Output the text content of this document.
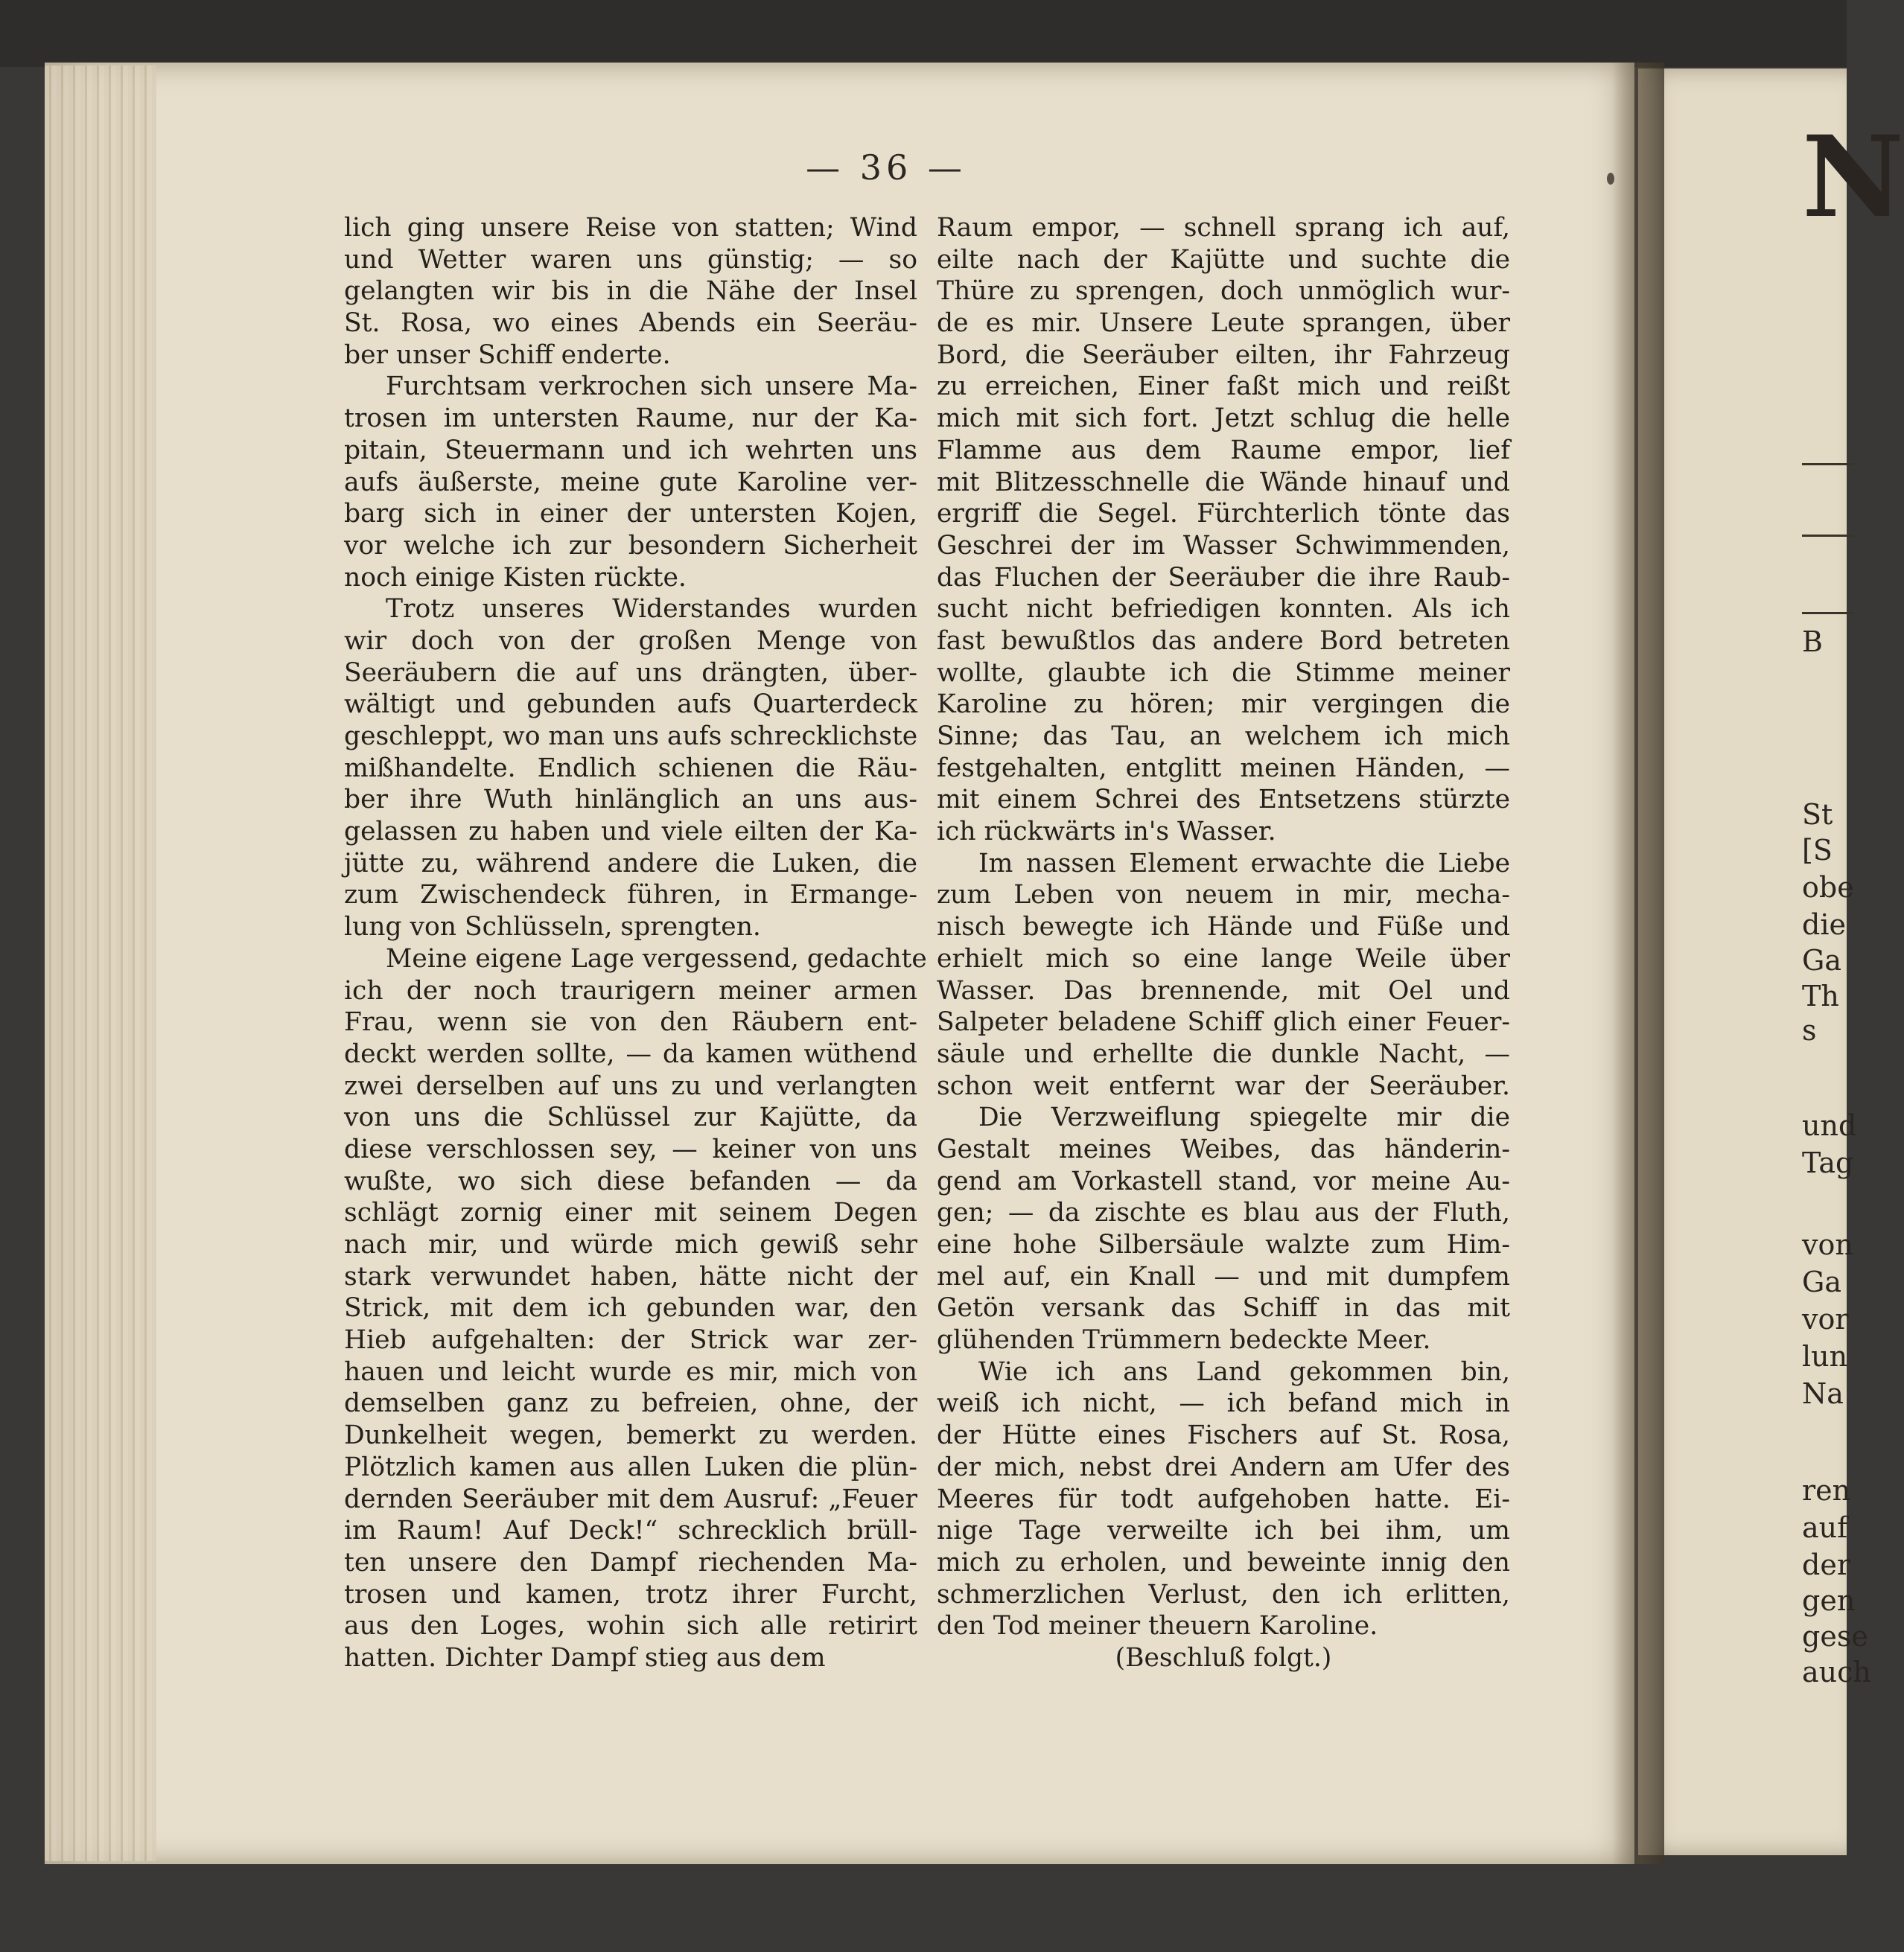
— 36 —
lich ging unsere Reise von statten; Wind
und Wetter waren uns günstig; — so
gelangten wir bis in die Nähe der Insel
St. Rosa, wo eines Abends ein Seeräu-
ber unser Schiff enderte.
Furchtsam verkrochen sich unsere Ma-
trosen im untersten Raume, nur der Ka-
pitain, Steuermann und ich wehrten uns
aufs äußerste, meine gute Karoline ver-
barg sich in einer der untersten Kojen,
vor welche ich zur besondern Sicherheit
noch einige Kisten rückte.
Trotz unseres Widerstandes wurden
wir doch von der großen Menge von
Seeräubern die auf uns drängten, über-
wältigt und gebunden aufs Quarterdeck
geschleppt, wo man uns aufs schrecklichste
mißhandelte. Endlich schienen die Räu-
ber ihre Wuth hinlänglich an uns aus-
gelassen zu haben und viele eilten der Ka-
jütte zu, während andere die Luken, die
zum Zwischendeck führen, in Ermange-
lung von Schlüsseln, sprengten.
Meine eigene Lage vergessend, gedachte
ich der noch traurigern meiner armen
Frau, wenn sie von den Räubern ent-
deckt werden sollte, — da kamen wüthend
zwei derselben auf uns zu und verlangten
von uns die Schlüssel zur Kajütte, da
diese verschlossen sey, — keiner von uns
wußte, wo sich diese befanden — da
schlägt zornig einer mit seinem Degen
nach mir, und würde mich gewiß sehr
stark verwundet haben, hätte nicht der
Strick, mit dem ich gebunden war, den
Hieb aufgehalten: der Strick war zer-
hauen und leicht wurde es mir, mich von
demselben ganz zu befreien, ohne, der
Dunkelheit wegen, bemerkt zu werden.
Plötzlich kamen aus allen Luken die plün-
dernden Seeräuber mit dem Ausruf: „Feuer
im Raum! Auf Deck!“ schrecklich brüll-
ten unsere den Dampf riechenden Ma-
trosen und kamen, trotz ihrer Furcht,
aus den Loges, wohin sich alle retirirt
hatten. Dichter Dampf stieg aus dem
Raum empor, — schnell sprang ich auf,
eilte nach der Kajütte und suchte die
Thüre zu sprengen, doch unmöglich wur-
de es mir. Unsere Leute sprangen, über
Bord, die Seeräuber eilten, ihr Fahrzeug
zu erreichen, Einer faßt mich und reißt
mich mit sich fort. Jetzt schlug die helle
Flamme aus dem Raume empor, lief
mit Blitzesschnelle die Wände hinauf und
ergriff die Segel. Fürchterlich tönte das
Geschrei der im Wasser Schwimmenden,
das Fluchen der Seeräuber die ihre Raub-
sucht nicht befriedigen konnten. Als ich
fast bewußtlos das andere Bord betreten
wollte, glaubte ich die Stimme meiner
Karoline zu hören; mir vergingen die
Sinne; das Tau, an welchem ich mich
festgehalten, entglitt meinen Händen, —
mit einem Schrei des Entsetzens stürzte
ich rückwärts in's Wasser.
Im nassen Element erwachte die Liebe
zum Leben von neuem in mir, mecha-
nisch bewegte ich Hände und Füße und
erhielt mich so eine lange Weile über
Wasser. Das brennende, mit Oel und
Salpeter beladene Schiff glich einer Feuer-
säule und erhellte die dunkle Nacht, —
schon weit entfernt war der Seeräuber.
Die Verzweiflung spiegelte mir die
Gestalt meines Weibes, das händerin-
gend am Vorkastell stand, vor meine Au-
gen; — da zischte es blau aus der Fluth,
eine hohe Silbersäule walzte zum Him-
mel auf, ein Knall — und mit dumpfem
Getön versank das Schiff in das mit
glühenden Trümmern bedeckte Meer.
Wie ich ans Land gekommen bin,
weiß ich nicht, — ich befand mich in
der Hütte eines Fischers auf St. Rosa,
der mich, nebst drei Andern am Ufer des
Meeres für todt aufgehoben hatte. Ei-
nige Tage verweilte ich bei ihm, um
mich zu erholen, und beweinte innig den
schmerzlichen Verlust, den ich erlitten,
den Tod meiner theuern Karoline.
(Beschluß folgt.)
N
B
St
[S
obe
die
Ga
Th
s
und
Tag
von
Ga
vor
lun
Na
ren
auf
der
gen
gese
auch
